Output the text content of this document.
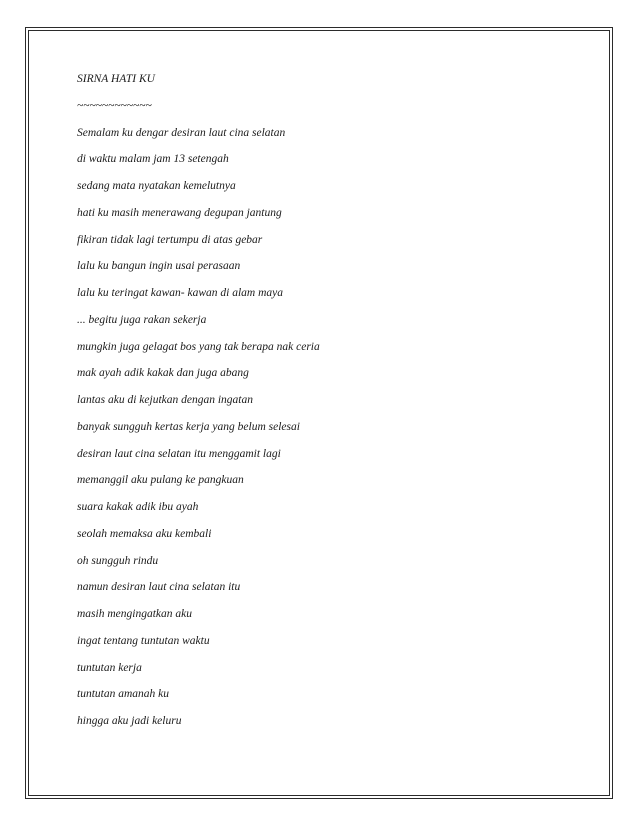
SIRNA HATI KU
~~~~~~~~~~~~
Semalam ku dengar desiran laut cina selatan
di waktu malam jam 13 setengah
sedang mata nyatakan kemelutnya
hati ku masih menerawang degupan jantung
fikiran tidak lagi tertumpu di atas gebar
lalu ku bangun ingin usai perasaan
lalu ku teringat kawan- kawan di alam maya
... begitu juga rakan sekerja
mungkin juga gelagat bos yang tak berapa nak ceria
mak ayah adik kakak dan juga abang
lantas aku di kejutkan dengan ingatan
banyak sungguh kertas kerja yang belum selesai
desiran laut cina selatan itu menggamit lagi
memanggil aku pulang ke pangkuan
suara kakak adik ibu ayah
seolah memaksa aku kembali
oh sungguh rindu
namun desiran laut cina selatan itu
masih mengingatkan aku
ingat tentang tuntutan waktu
tuntutan kerja
tuntutan amanah ku
hingga aku jadi keluru
